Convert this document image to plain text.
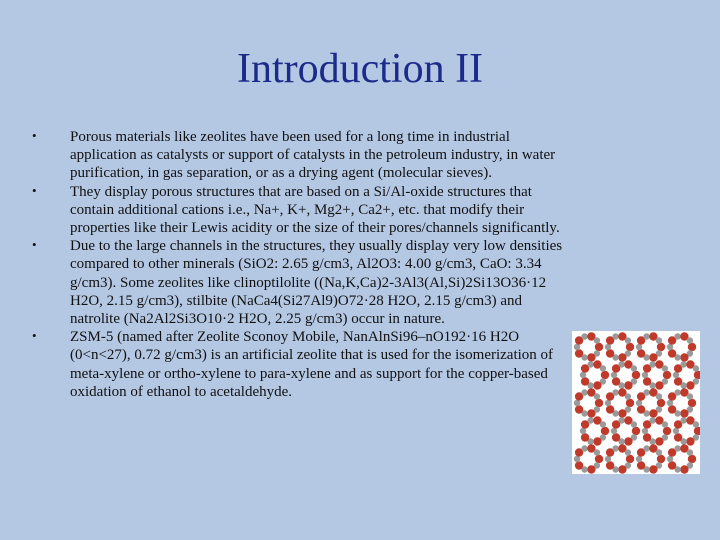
Introduction II
• Porous materials like zeolites have been used for a long time in industrial application as catalysts or support of catalysts in the petroleum industry, in water purification, in gas separation, or as a drying agent (molecular sieves).
• They display porous structures that are based on a Si/Al-oxide structures that contain additional cations i.e., Na+, K+, Mg2+, Ca2+, etc. that modify their properties like their Lewis acidity or the size of their pores/channels significantly.
• Due to the large channels in the structures, they usually display very low densities compared to other minerals (SiO2: 2.65 g/cm3, Al2O3: 4.00 g/cm3, CaO: 3.34 g/cm3). Some zeolites like clinoptilolite ((Na,K,Ca)2-3Al3(Al,Si)2Si13O36·12 H2O, 2.15 g/cm3), stilbite (NaCa4(Si27Al9)O72·28 H2O, 2.15 g/cm3) and natrolite (Na2Al2Si3O10·2 H2O, 2.25 g/cm3) occur in nature.
• ZSM-5 (named after Zeolite Sconoy Mobile, NanAlnSi96–nO192·16 H2O (0<n<27), 0.72 g/cm3) is an artificial zeolite that is used for the isomerization of meta-xylene or ortho-xylene to para-xylene and as support for the copper-based oxidation of ethanol to acetaldehyde.
